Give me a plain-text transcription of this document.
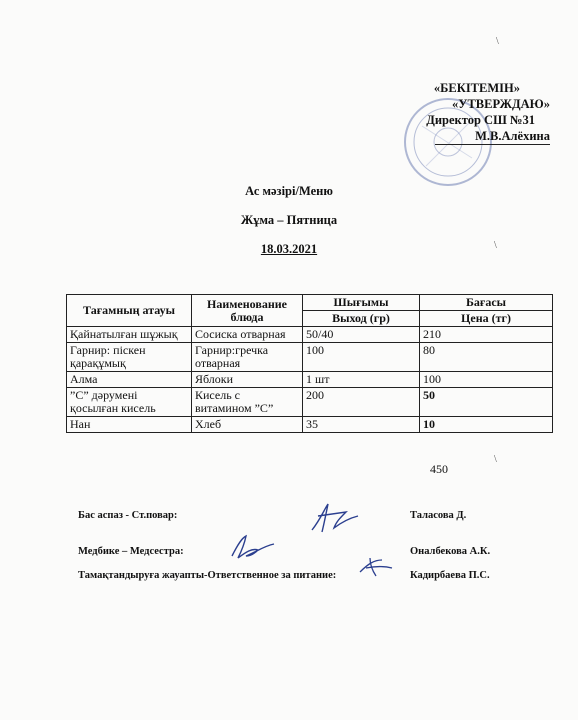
«БЕКІТЕМІН»
«УТВЕРЖДАЮ»
Директор СШ №31
М.В.Алёхина
Ас мәзірі/Меню
Жұма – Пятница
18.03.2021
Тағамның атауы	Наименование блюда	Шығымы	Бағасы
		Выход (гр)	Цена (тг)
Қайнатылған шұжық	Сосиска отварная	50/40	210
Гарнир: піскен қарақұмық	Гарнир:гречка отварная	100	80
Алма	Яблоки	1 шт	100
”С” дәрумені қосылған кисель	Кисель с витамином ”С”	200	50
Нан	Хлеб	35	10
450
Бас аспаз - Ст.повар:	Таласова Д.
Медбике – Медсестра:	Оналбекова А.К.
Тамақтандыруға жауапты-Ответственное за питание:	Кадирбаева П.С.
\
\
\
